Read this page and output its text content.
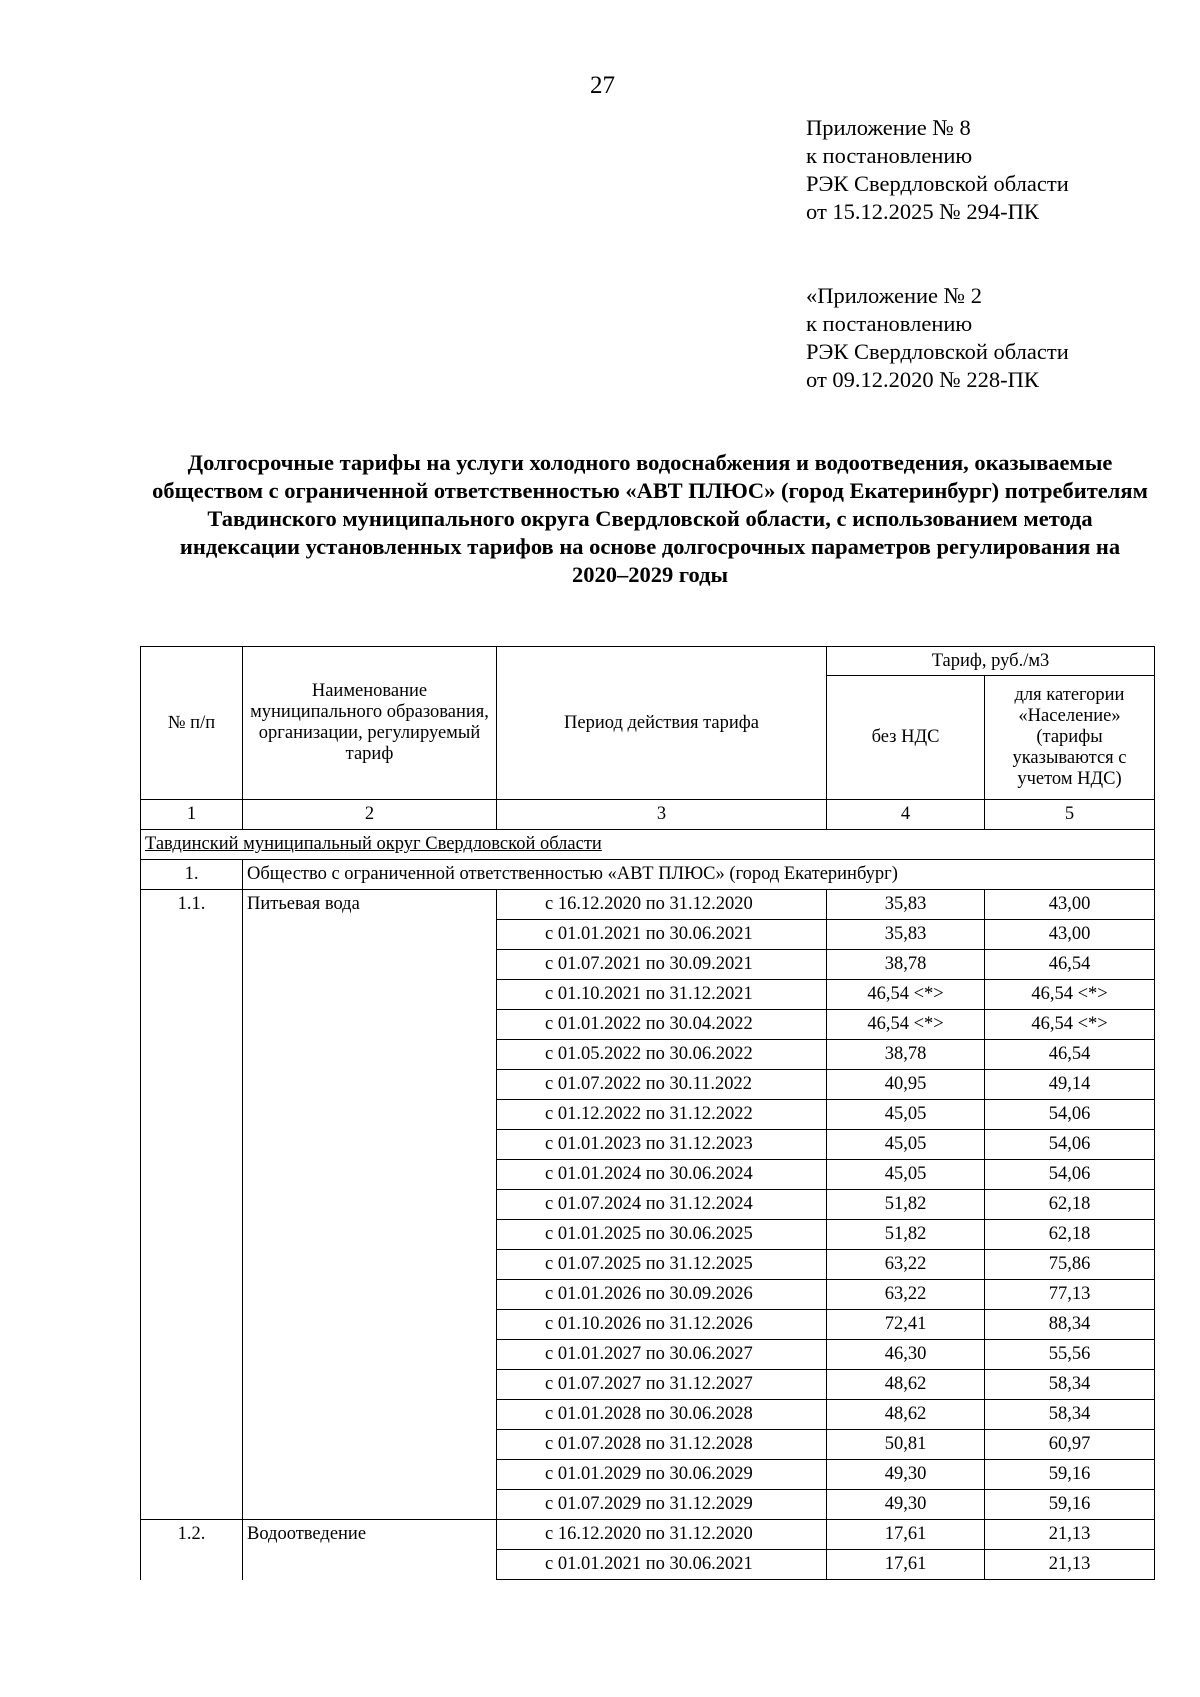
27
Приложение № 8
к постановлению
РЭК Свердловской области
от 15.12.2025 № 294-ПК
«Приложение № 2
к постановлению
РЭК Свердловской области
от 09.12.2020 № 228-ПК
Долгосрочные тарифы на услуги холодного водоснабжения и водоотведения, оказываемые обществом с ограниченной ответственностью «АВТ ПЛЮС» (город Екатеринбург) потребителям Тавдинского муниципального округа Свердловской области, с использованием метода индексации установленных тарифов на основе долгосрочных параметров регулирования на 2020–2029 годы
№ п/п	Наименование муниципального образования, организации, регулируемый тариф	Период действия тарифа	Тариф, руб./м3	
			без НДС	для категории «Население» (тарифы указываются с учетом НДС)
1	2	3	4	5
Тавдинский муниципальный округ Свердловской области				
1.	Общество с ограниченной ответственностью «АВТ ПЛЮС» (город Екатеринбург)			
1.1.	Питьевая вода	с 16.12.2020 по 31.12.2020	35,83	43,00
		с 01.01.2021 по 30.06.2021	35,83	43,00
		с 01.07.2021 по 30.09.2021	38,78	46,54
		с 01.10.2021 по 31.12.2021	46,54 <*>	46,54 <*>
		с 01.01.2022 по 30.04.2022	46,54 <*>	46,54 <*>
		с 01.05.2022 по 30.06.2022	38,78	46,54
		с 01.07.2022 по 30.11.2022	40,95	49,14
		с 01.12.2022 по 31.12.2022	45,05	54,06
		с 01.01.2023 по 31.12.2023	45,05	54,06
		с 01.01.2024 по 30.06.2024	45,05	54,06
		с 01.07.2024 по 31.12.2024	51,82	62,18
		с 01.01.2025 по 30.06.2025	51,82	62,18
		с 01.07.2025 по 31.12.2025	63,22	75,86
		с 01.01.2026 по 30.09.2026	63,22	77,13
		с 01.10.2026 по 31.12.2026	72,41	88,34
		с 01.01.2027 по 30.06.2027	46,30	55,56
		с 01.07.2027 по 31.12.2027	48,62	58,34
		с 01.01.2028 по 30.06.2028	48,62	58,34
		с 01.07.2028 по 31.12.2028	50,81	60,97
		с 01.01.2029 по 30.06.2029	49,30	59,16
		с 01.07.2029 по 31.12.2029	49,30	59,16
1.2.	Водоотведение	с 16.12.2020 по 31.12.2020	17,61	21,13
		с 01.01.2021 по 30.06.2021	17,61	21,13
